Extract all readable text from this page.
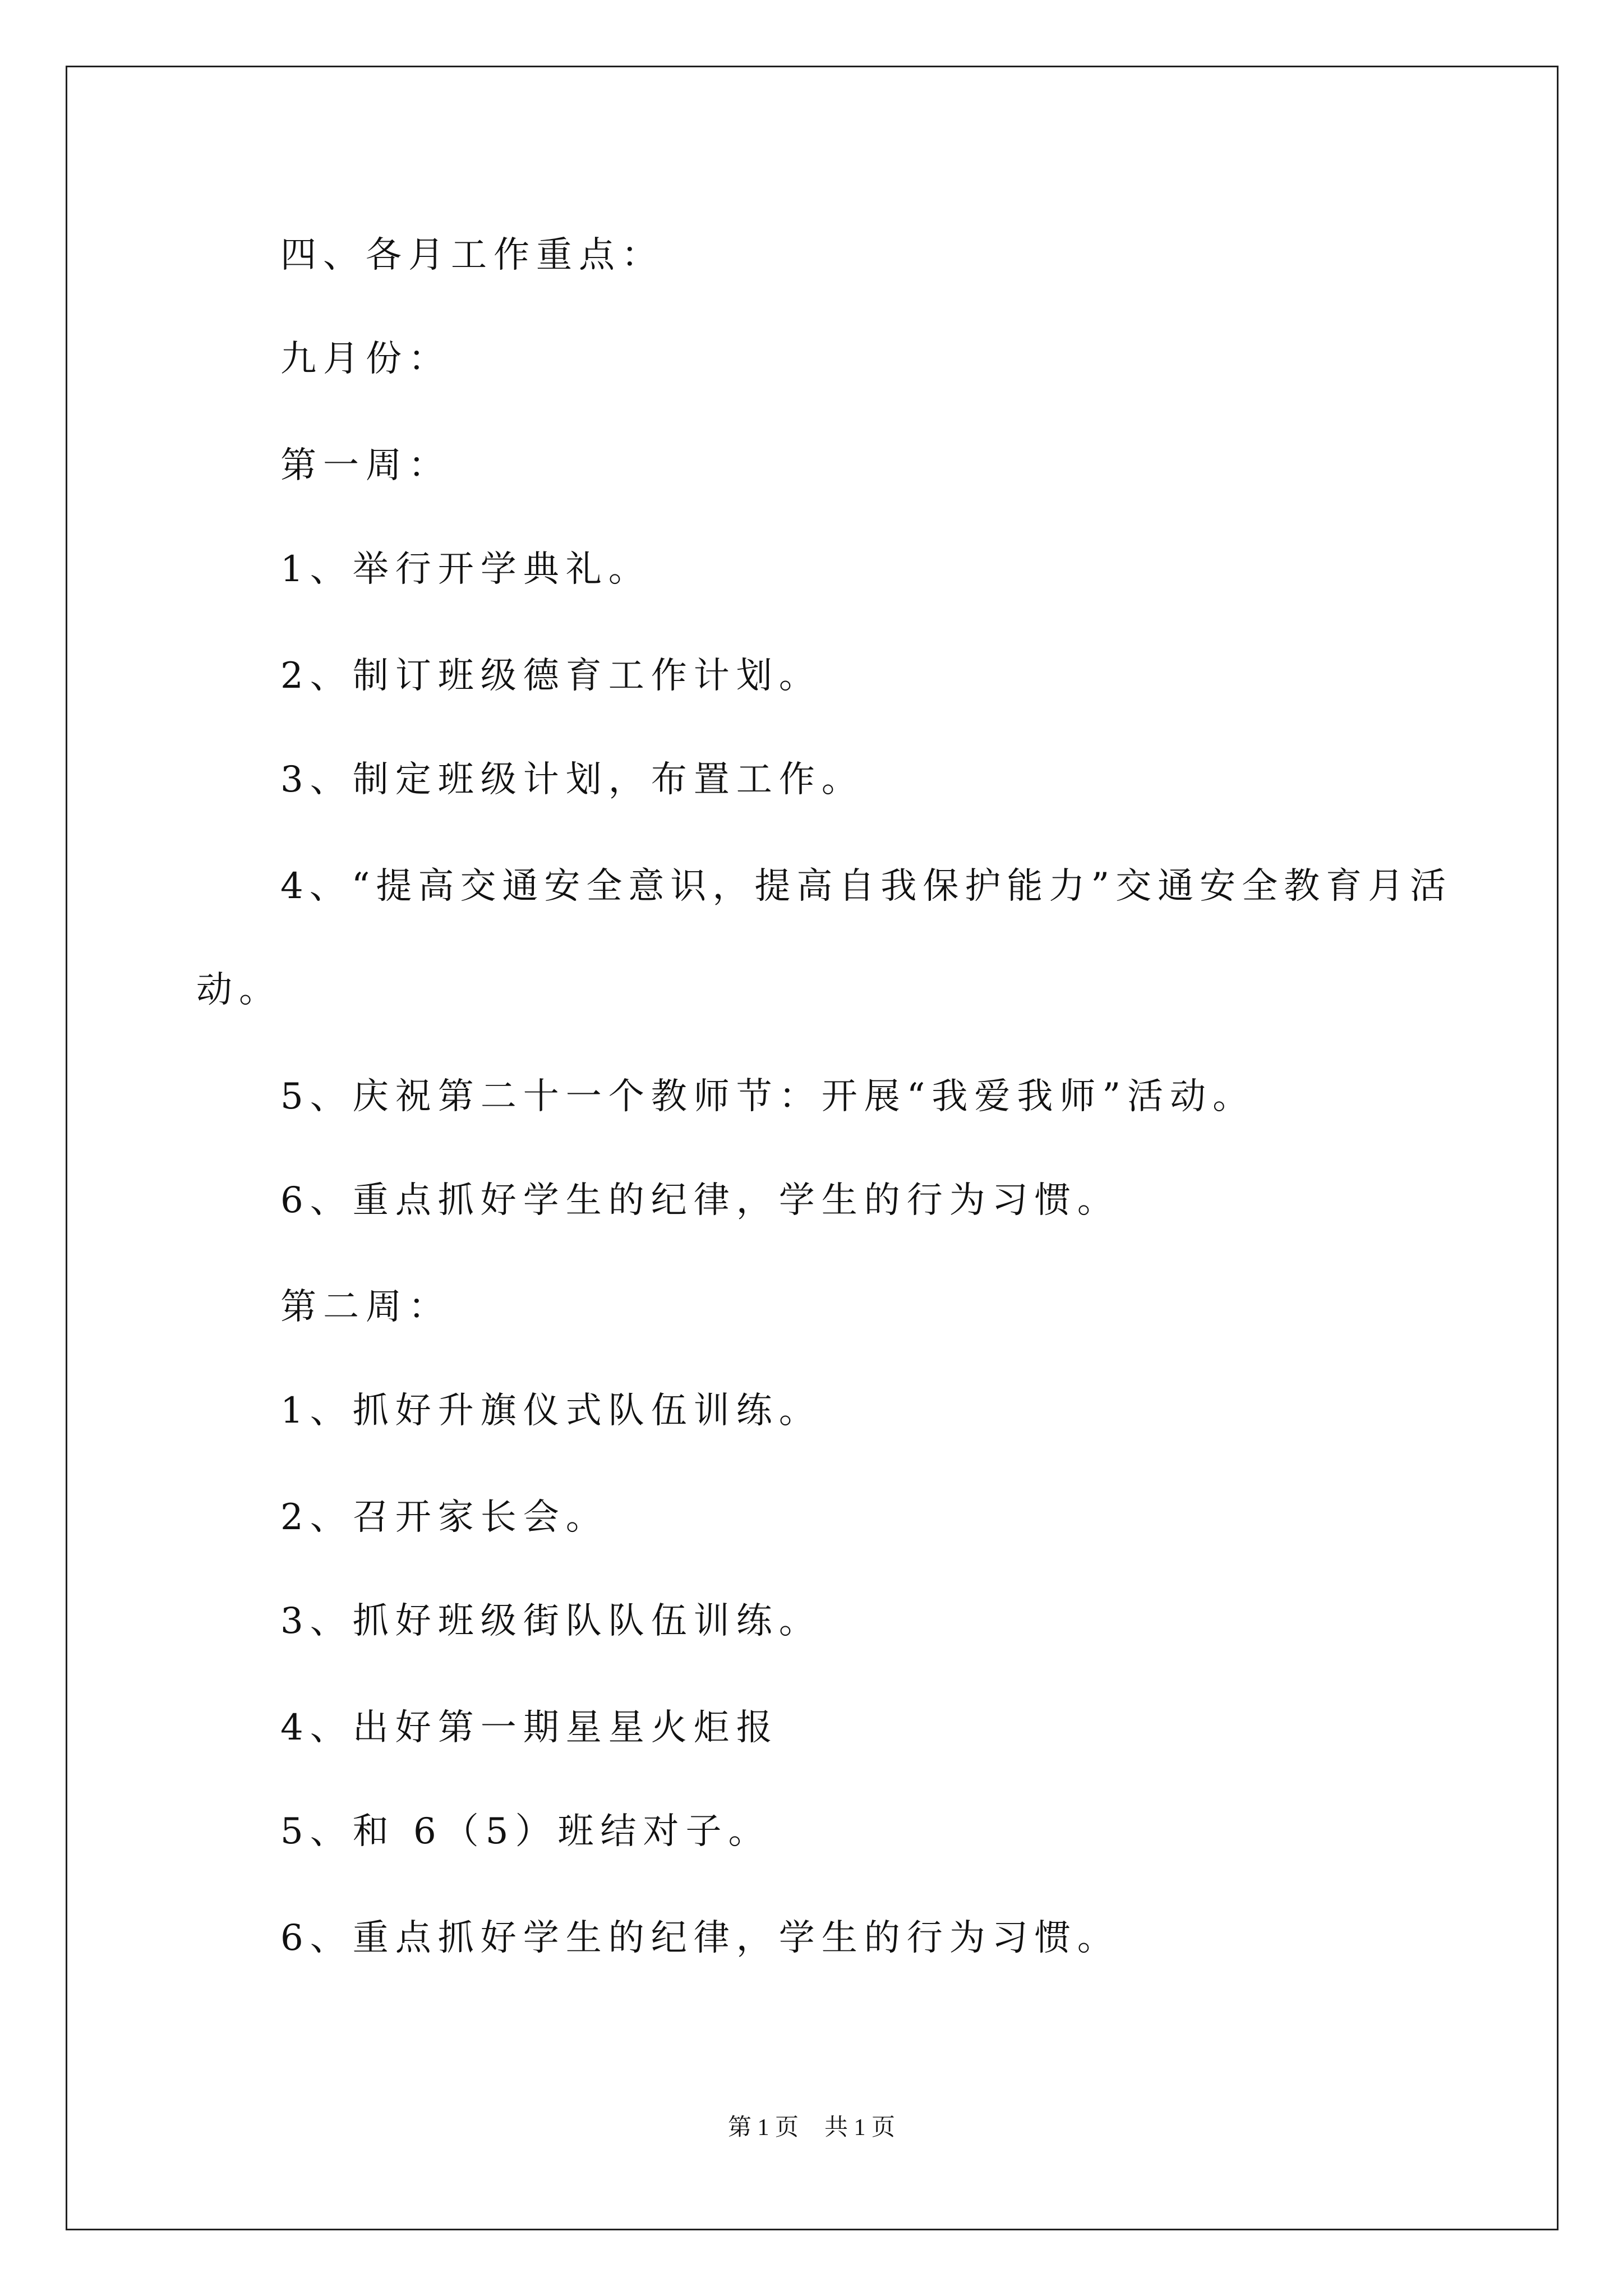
四、各月工作重点：
九月份：
第一周：
1、举行开学典礼。
2、制订班级德育工作计划。
3、制定班级计划，布置工作。
4、“提高交通安全意识，提高自我保护能力”交通安全教育月活
动。
5、庆祝第二十一个教师节：开展“我爱我师”活动。
6、重点抓好学生的纪律，学生的行为习惯。
第二周：
1、抓好升旗仪式队伍训练。
2、召开家长会。
3、抓好班级街队队伍训练。
4、出好第一期星星火炬报
5、和 6（5）班结对子。
6、重点抓好学生的纪律，学生的行为习惯。
第 1 页 共 1 页
